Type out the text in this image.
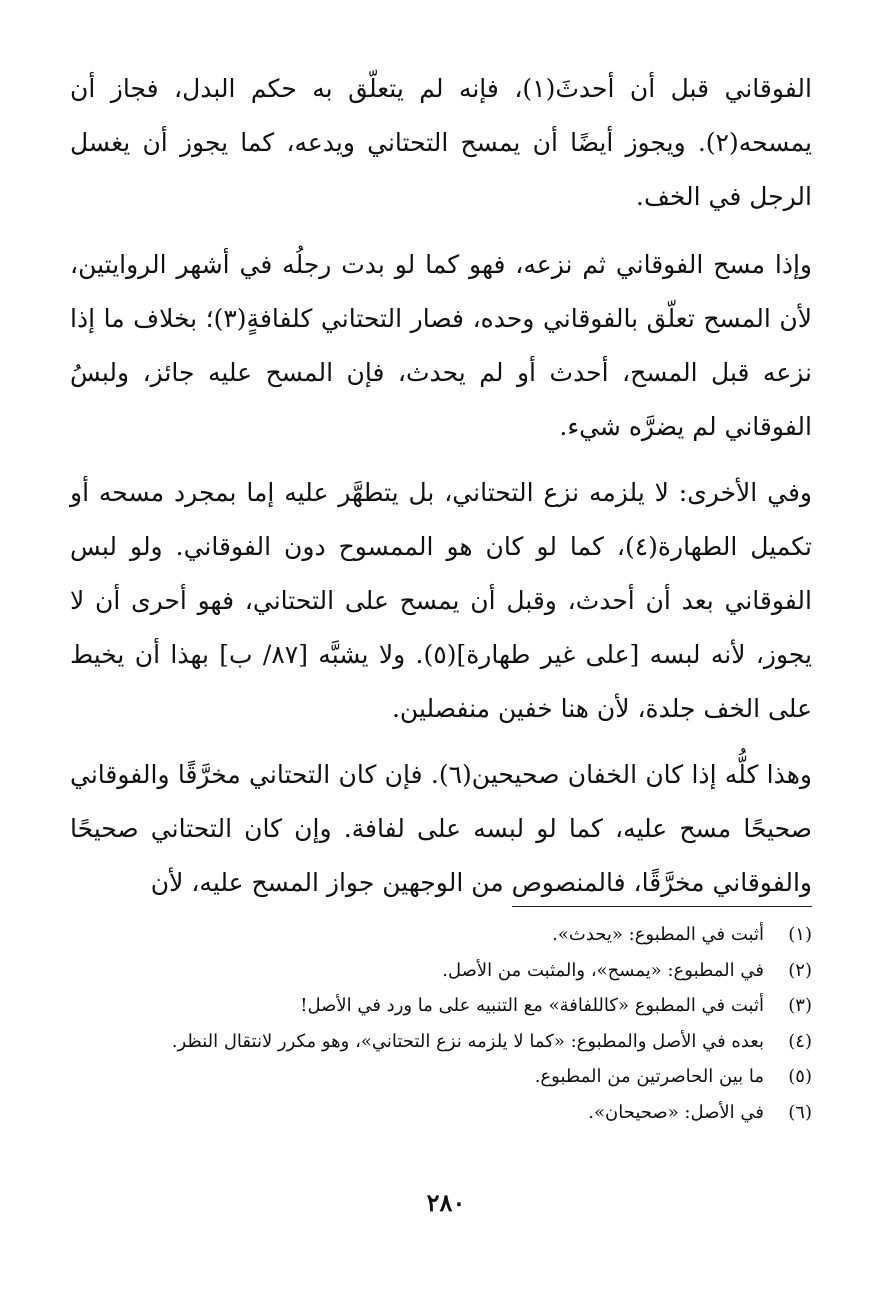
الفوقاني قبل أن أحدثَ(١)، فإنه لم يتعلّق به حكم البدل، فجاز أن يمسحه(٢). ويجوز أيضًا أن يمسح التحتاني ويدعه، كما يجوز أن يغسل الرجل في الخف.

وإذا مسح الفوقاني ثم نزعه، فهو كما لو بدت رجلُه في أشهر الروايتين، لأن المسح تعلّق بالفوقاني وحده، فصار التحتاني كلفافةٍ(٣)؛ بخلاف ما إذا نزعه قبل المسح، أحدث أو لم يحدث، فإن المسح عليه جائز، ولبسُ الفوقاني لم يضرَّه شيء.

وفي الأخرى: لا يلزمه نزع التحتاني، بل يتطهَّر عليه إما بمجرد مسحه أو تكميل الطهارة(٤)، كما لو كان هو الممسوح دون الفوقاني. ولو لبس الفوقاني بعد أن أحدث، وقبل أن يمسح على التحتاني، فهو أحرى أن لا يجوز، لأنه لبسه [على غير طهارة](٥). ولا يشبَّه [٨٧/ ب] بهذا أن يخيط على الخف جلدة، لأن هنا خفين منفصلين.

وهذا كلُّه إذا كان الخفان صحيحين(٦). فإن كان التحتاني مخرَّقًا والفوقاني صحيحًا مسح عليه، كما لو لبسه على لفافة. وإن كان التحتاني صحيحًا والفوقاني مخرَّقًا، فالمنصوص من الوجهين جواز المسح عليه، لأن

(١)
أثبت في المطبوع: «يحدث».
(٢)
في المطبوع: «يمسح»، والمثبت من الأصل.
(٣)
أثبت في المطبوع «كاللفافة» مع التنبيه على ما ورد في الأصل!
(٤)
بعده في الأصل والمطبوع: «كما لا يلزمه نزع التحتاني»، وهو مكرر لانتقال النظر.
(٥)
ما بين الحاصرتين من المطبوع.
(٦)
في الأصل: «صحيحان».
٢٨٠
